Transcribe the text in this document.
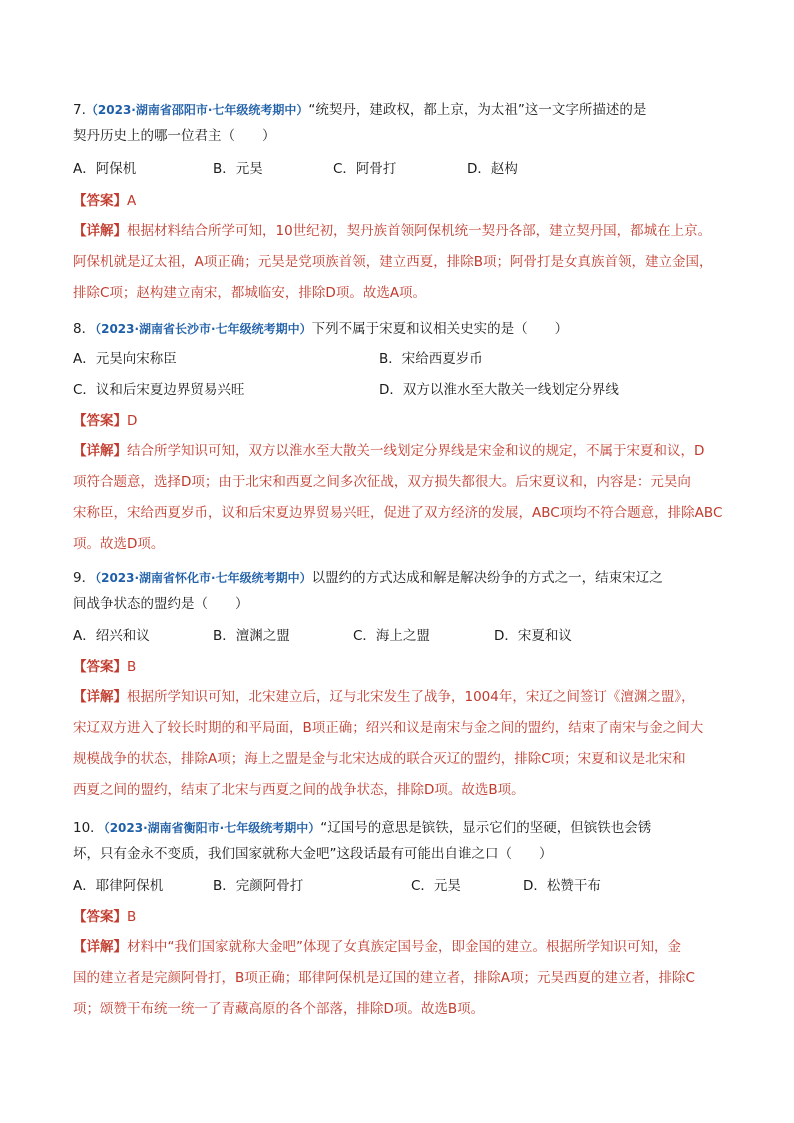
7.（2023·湖南省邵阳市·七年级统考期中）“统契丹，建政权，都上京，为太祖”这一文字所描述的是
契丹历史上的哪一位君主（　　）
A．阿保机	B．元昊	C．阿骨打	D．赵构
【答案】A
【详解】根据材料结合所学可知，10世纪初，契丹族首领阿保机统一契丹各部，建立契丹国，都城在上京。
阿保机就是辽太祖，A项正确；元昊是党项族首领，建立西夏，排除B项；阿骨打是女真族首领，建立金国，
排除C项；赵构建立南宋，都城临安，排除D项。故选A项。
8．（2023·湖南省长沙市·七年级统考期中）下列不属于宋夏和议相关史实的是（　　）
A．元昊向宋称臣	B．宋给西夏岁币
C．议和后宋夏边界贸易兴旺	D．双方以淮水至大散关一线划定分界线
【答案】D
【详解】结合所学知识可知，双方以淮水至大散关一线划定分界线是宋金和议的规定，不属于宋夏和议，D
项符合题意，选择D项；由于北宋和西夏之间多次征战，双方损失都很大。后宋夏议和，内容是：元昊向
宋称臣，宋给西夏岁币，议和后宋夏边界贸易兴旺，促进了双方经济的发展，ABC项均不符合题意，排除ABC
项。故选D项。
9．（2023·湖南省怀化市·七年级统考期中）以盟约的方式达成和解是解决纷争的方式之一，结束宋辽之
间战争状态的盟约是（　　）
A．绍兴和议	B．澶渊之盟	C．海上之盟	D．宋夏和议
【答案】B
【详解】根据所学知识可知，北宋建立后，辽与北宋发生了战争，1004年，宋辽之间签订《澶渊之盟》，
宋辽双方进入了较长时期的和平局面，B项正确；绍兴和议是南宋与金之间的盟约，结束了南宋与金之间大
规模战争的状态，排除A项；海上之盟是金与北宋达成的联合灭辽的盟约，排除C项；宋夏和议是北宋和
西夏之间的盟约，结束了北宋与西夏之间的战争状态，排除D项。故选B项。
10．（2023·湖南省衡阳市·七年级统考期中）“辽国号的意思是镔铁，显示它们的坚硬，但镔铁也会锈
坏，只有金永不变质，我们国家就称大金吧”这段话最有可能出自谁之口（　　）
A．耶律阿保机	B．完颜阿骨打	C．元昊	D．松赞干布
【答案】B
【详解】材料中“我们国家就称大金吧”体现了女真族定国号金，即金国的建立。根据所学知识可知，金
国的建立者是完颜阿骨打，B项正确；耶律阿保机是辽国的建立者，排除A项；元昊西夏的建立者，排除C
项；颂赞干布统一统一了青藏高原的各个部落，排除D项。故选B项。
